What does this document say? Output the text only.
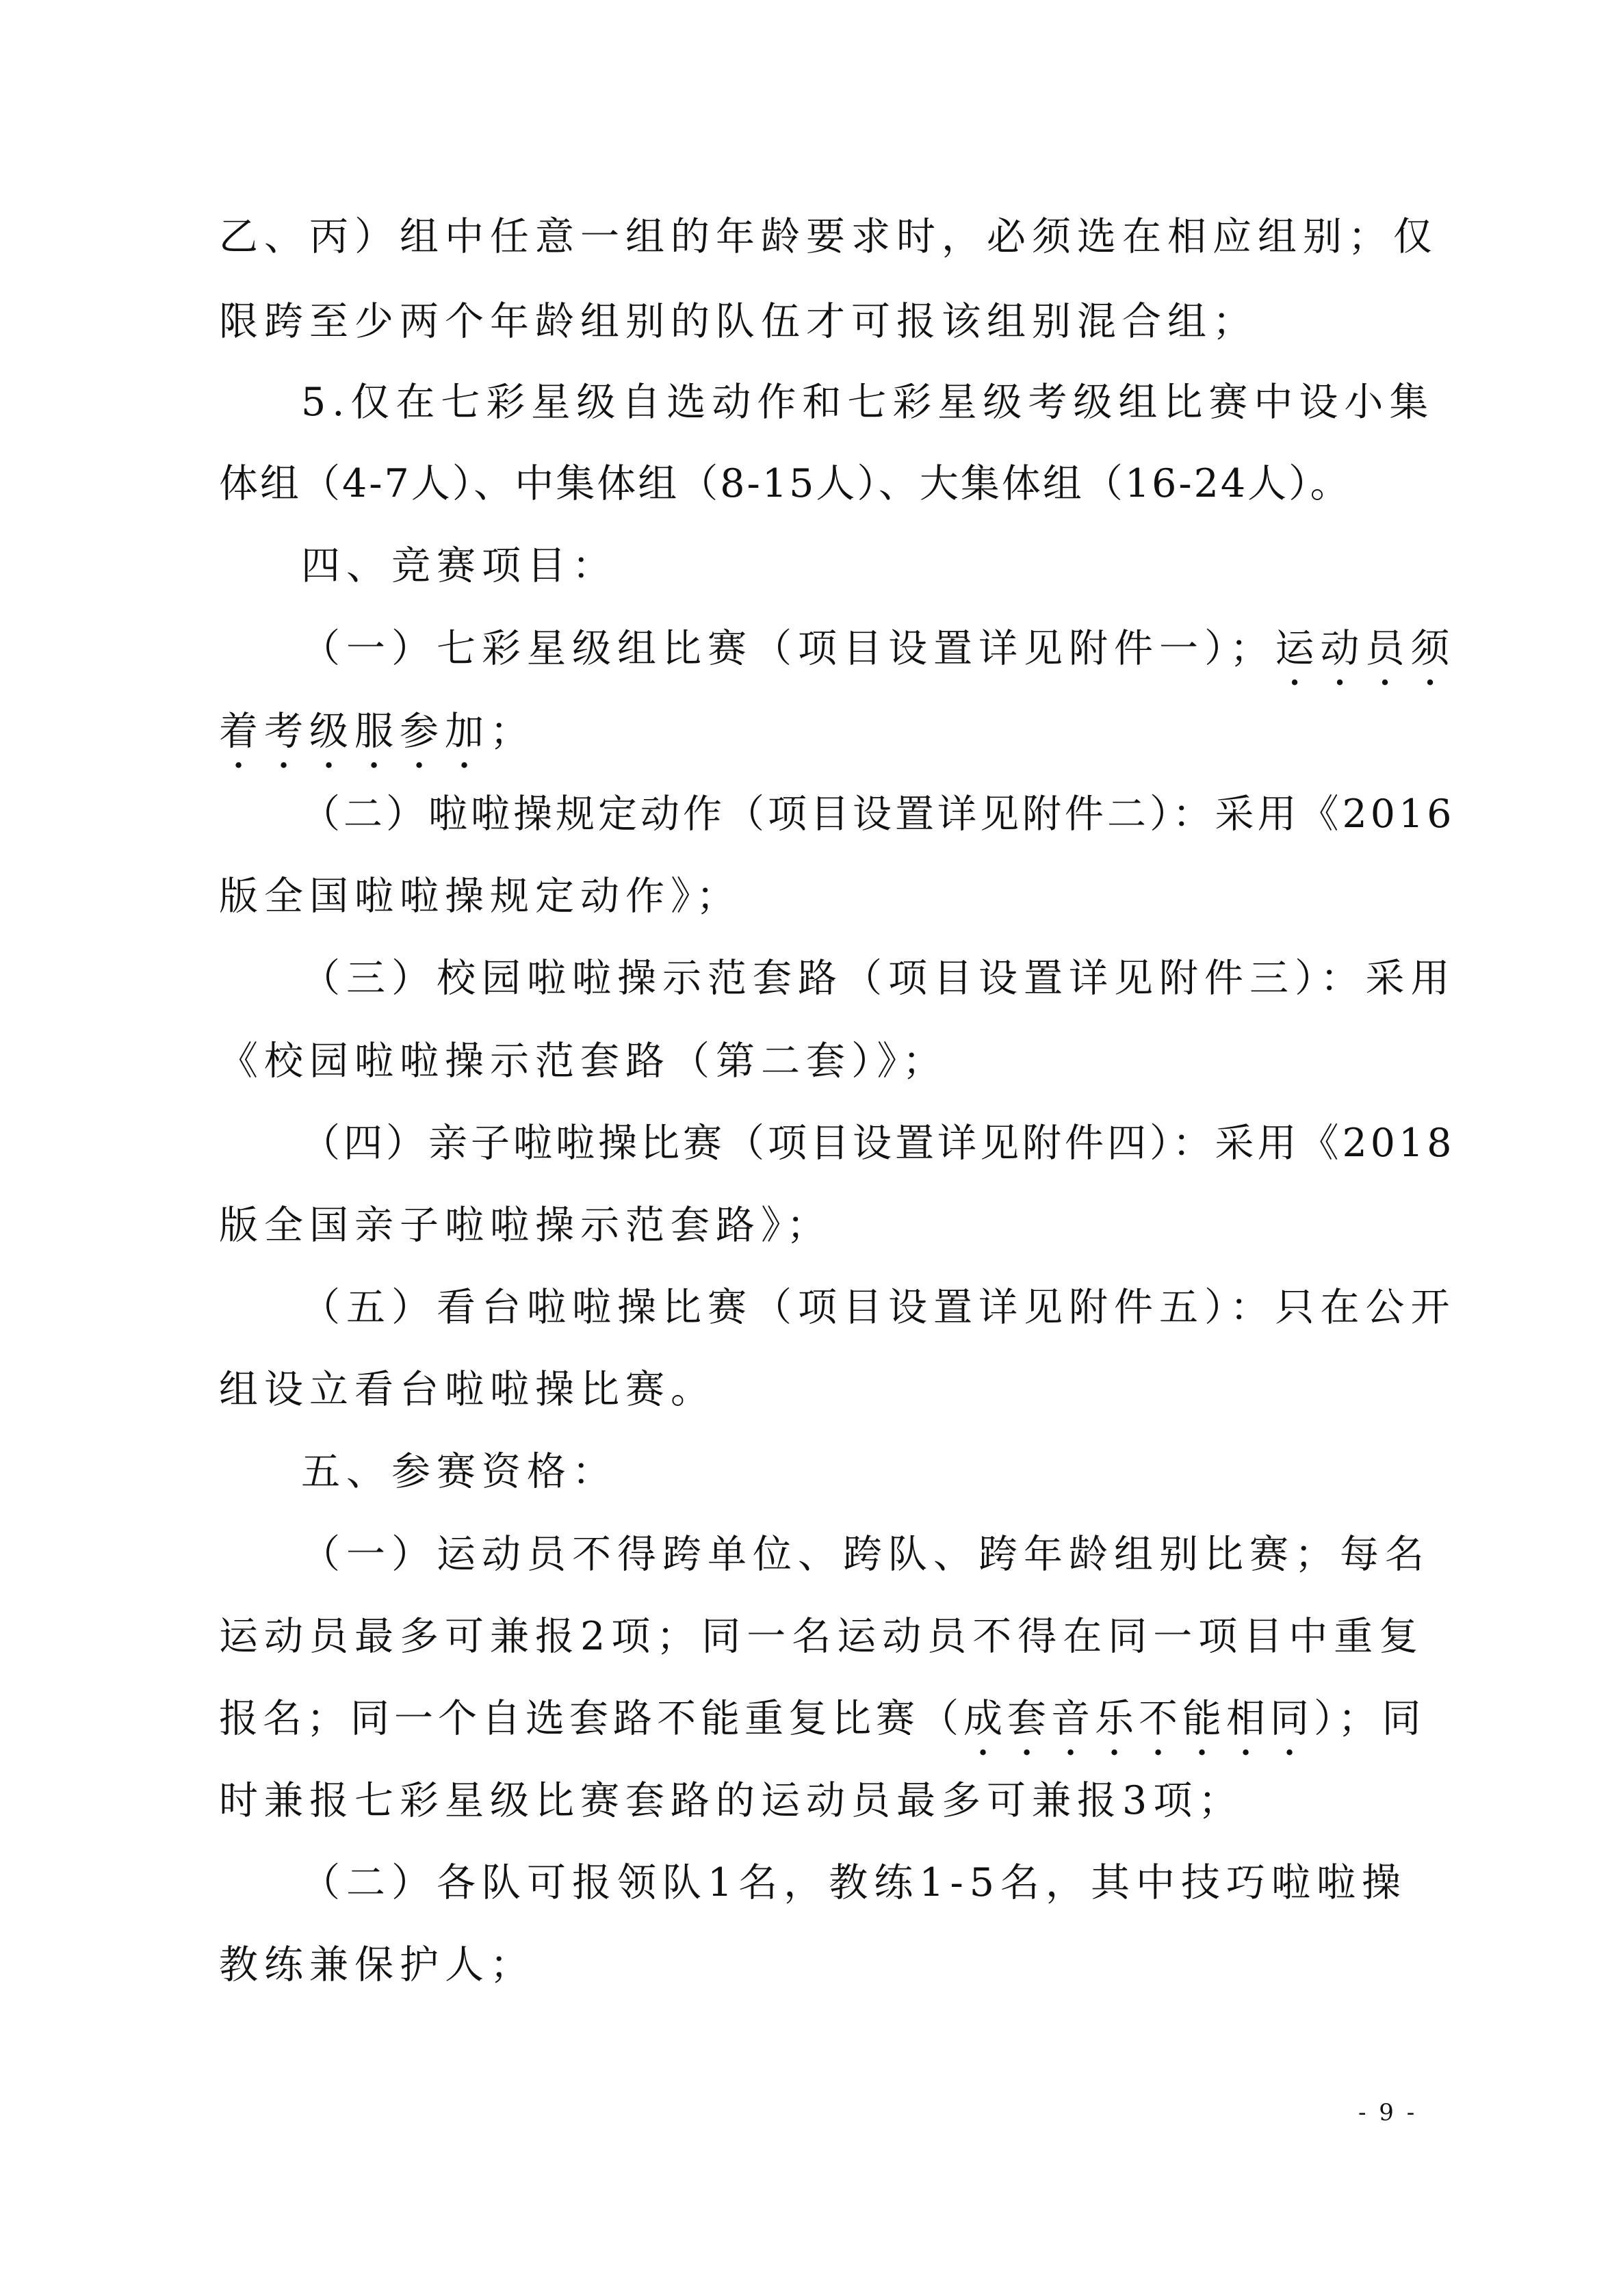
乙、丙）组中任意一组的年龄要求时，必须选在相应组别；仅
限跨至少两个年龄组别的队伍才可报该组别混合组；
5.仅在七彩星级自选动作和七彩星级考级组比赛中设小集
体组（4-7人）、中集体组（8-15人）、大集体组（16-24人）。
四、竞赛项目：
（一）七彩星级组比赛（项目设置详见附件一）；运动员须
着考级服参加；
（二）啦啦操规定动作（项目设置详见附件二）：采用《2016
版全国啦啦操规定动作》；
（三）校园啦啦操示范套路（项目设置详见附件三）：采用
《校园啦啦操示范套路（第二套）》；
（四）亲子啦啦操比赛（项目设置详见附件四）：采用《2018
版全国亲子啦啦操示范套路》；
（五）看台啦啦操比赛（项目设置详见附件五）：只在公开
组设立看台啦啦操比赛。
五、参赛资格：
（一）运动员不得跨单位、跨队、跨年龄组别比赛；每名
运动员最多可兼报2项；同一名运动员不得在同一项目中重复
报名；同一个自选套路不能重复比赛（成套音乐不能相同）；同
时兼报七彩星级比赛套路的运动员最多可兼报3项；
（二）各队可报领队1名，教练1-5名，其中技巧啦啦操
教练兼保护人；
- 9 -
